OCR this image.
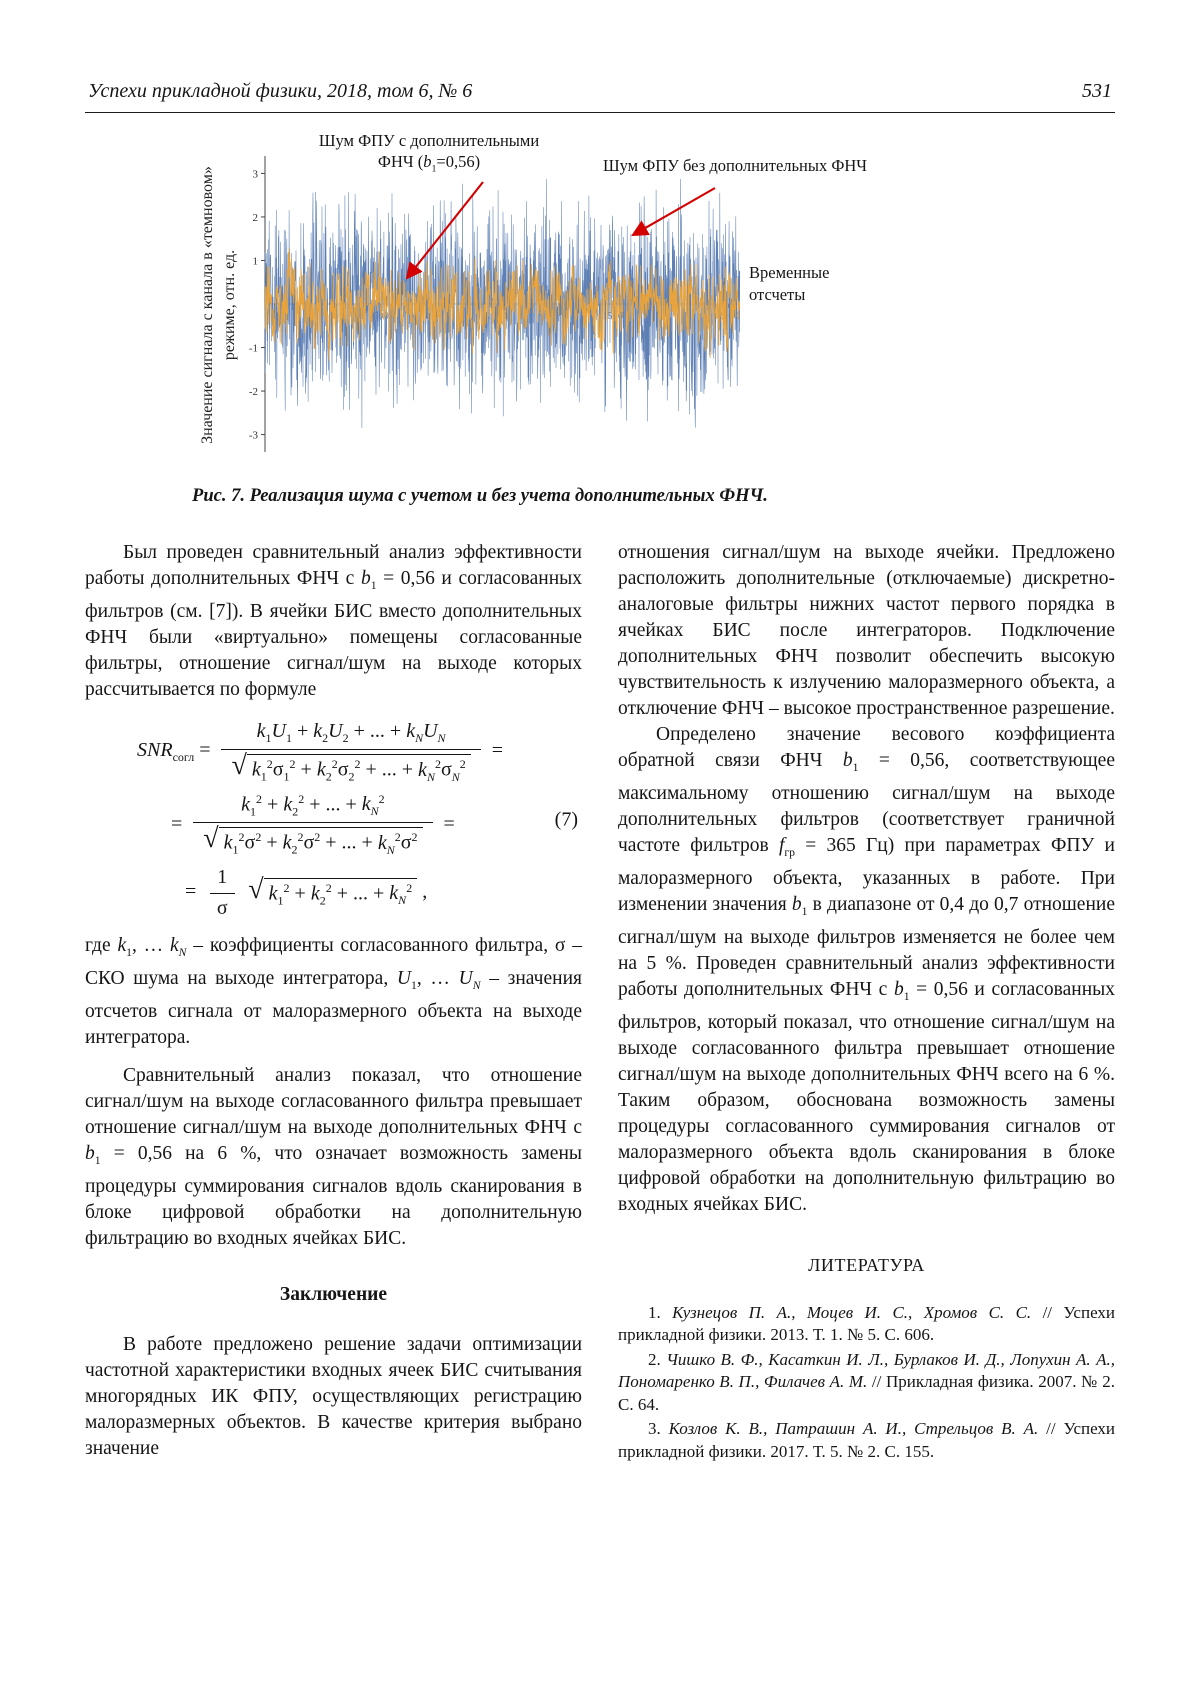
Успехи прикладной физики, 2018, том 6, № 6	531
Значение сигнала с канала в «темновом» режиме, отн. ед.	500	1000	1500	2000
3
2
1
-1
-2
-3
Шум ФПУ с дополнительными
ФНЧ $(b_1=0,56)$	Шум ФПУ без дополнительных ФНЧ
Временные
отсчеты
Рис. 7. Реализация шума с учетом и без учета дополнительных ФНЧ.
Был проведен сравнительный анализ эффективности работы дополнительных ФНЧ с $b_1 = 0,56$ и согласованных фильтров (см. [7]). В ячейки БИС вместо дополнительных ФНЧ были «виртуально» помещены согласованные фильтры, отношение сигнал/шум на выходе которых рассчитывается по формуле
$SNR_{согл} = \frac{k_1U_1 + k_2U_2 + ... + k_NU_N}{√ k_1^2\sigma_1^2 + k_2^2\sigma_2^2 + ... + k_N^2\sigma_N^2}$ =
= $\frac{k_1^2 + k_2^2 + ... + k_N^2}{√ k_1^2\sigma^2 + k_2^2\sigma^2 + ... + k_N^2\sigma^2}$ =
= $\frac{1}{\sigma}$
√ $k_1^2 + k_2^2$ + ... + $k_N^2$ ,
(7)
где $k_1$, … $k_N$ – коэффициенты согласованного фильтра, σ – СКО шума на выходе интегратора, $U_1$, … $U_N$ – значения отсчетов сигнала от малоразмерного объекта на выходе интегратора.
Сравнительный анализ показал, что отношение сигнал/шум на выходе согласованного фильтра превышает отношение сигнал/шум на выходе дополнительных ФНЧ с $b_1 = 0,56$ на 6 %, что означает возможность замены процедуры суммирования сигналов вдоль сканирования в блоке цифровой обработки на дополнительную фильтрацию во входных ячейках БИС.
Заключение
В работе предложено решение задачи оптимизации частотной характеристики входных ячеек БИС считывания многорядных ИК ФПУ, осуществляющих регистрацию малоразмерных объектов. В качестве критерия выбрано значение
отношения сигнал/шум на выходе ячейки. Предложено расположить дополнительные (отключаемые) дискретно-аналоговые фильтры нижних частот первого порядка в ячейках БИС после интеграторов. Подключение дополнительных ФНЧ позволит обеспечить высокую чувствительность к излучению малоразмерного объекта, а отключение ФНЧ – высокое пространственное разрешение.
Определено значение весового коэффициента обратной связи ФНЧ $b_1 = 0,56$, соответствующее максимальному отношению сигнал/шум на выходе дополнительных фильтров (соответствует граничной частоте фильтров $f_{гр} = 365$ Гц) при параметрах ФПУ и малоразмерного объекта, указанных в работе. При изменении значения $b_1$ в диапазоне от 0,4 до 0,7 отношение сигнал/шум на выходе фильтров изменяется не более чем на 5 %. Проведен сравнительный анализ эффективности работы дополнительных ФНЧ с $b_1 = 0,56$ и согласованных фильтров, который показал, что отношение сигнал/шум на выходе согласованного фильтра превышает отношение сигнал/шум на выходе дополнительных ФНЧ всего на 6 %. Таким образом, обоснована возможность замены процедуры согласованного суммирования сигналов от малоразмерного объекта вдоль сканирования в блоке цифровой обработки на дополнительную фильтрацию во входных ячейках БИС.
ЛИТЕРАТУРА
1. Кузнецов П. А., Моцев И. С., Хромов С. С. // Успехи прикладной физики. 2013. Т. 1. № 5. С. 606.
2. Чишко В. Ф., Касаткин И. Л., Бурлаков И. Д., Лопухин А. А., Пономаренко В. П., Филачев А. М. // Прикладная физика. 2007. № 2. С. 64.
3. Козлов К. В., Патрашин А. И., Стрельцов В. А. // Успехи прикладной физики. 2017. Т. 5. № 2. С. 155.
